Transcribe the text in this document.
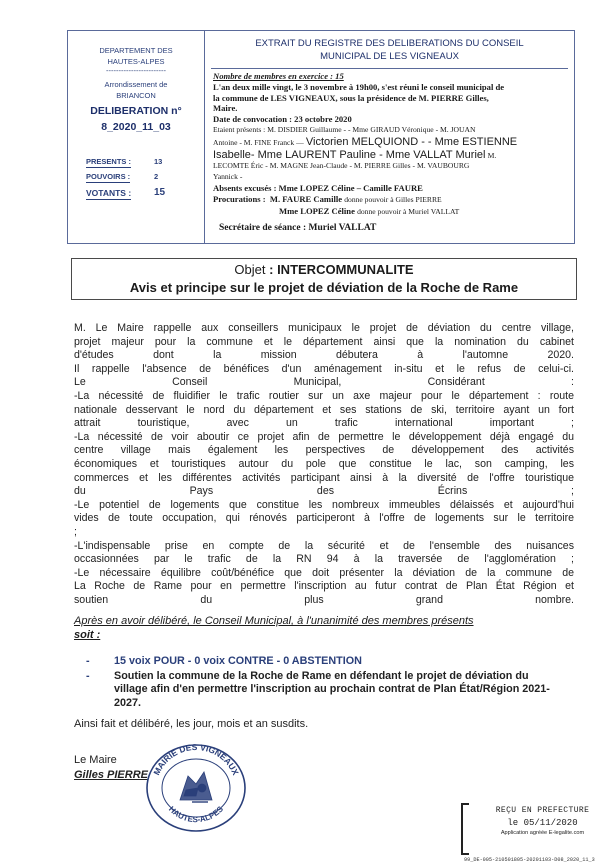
DEPARTEMENT DES
HAUTES-ALPES
------------------------
Arrondissement de
BRIANCON
DELIBERATION n°
8_2020_11_03
PRESENTS :	13
POUVOIRS :	2
VOTANTS : 15
EXTRAIT DU REGISTRE DES DELIBERATIONS DU CONSEIL
MUNICIPAL DE LES VIGNEAUX
Nombre de membres en exercice : 15
L'an deux mille vingt, le 3 novembre à 19h00, s'est réuni le conseil municipal de
la commune de LES VIGNEAUX, sous la présidence de M. PIERRE Gilles,
Maire.
Date de convocation : 23 octobre 2020
Etaient présents : M. DISDIER Guillaume - - Mme GIRAUD Véronique - M. JOUAN
Antoine - M. FINE Franck — Victorien MELQUIOND - - Mme ESTIENNE
Isabelle- Mme LAURENT Pauline - Mme VALLAT Muriel M.
LECOMTE Éric - M. MAGNE Jean-Claude - M. PIERRE Gilles - M. VAUBOURG
Yannick -
Absents excusés : Mme LOPEZ Céline – Camille FAURE
Procurations : M. FAURE Camille donne pouvoir à Gilles PIERRE
Mme LOPEZ Céline donne pouvoir à Muriel VALLAT
Secrétaire de séance : Muriel VALLAT
Objet : INTERCOMMUNALITE
Avis et principe sur le projet de déviation de la Roche de Rame

M. Le Maire rappelle aux conseillers municipaux le projet de déviation du centre village,

projet majeur pour la commune et le département ainsi que la nomination du cabinet

d'études dont la mission débutera à l'automne 2020.

Il rappelle l'absence de bénéfices d'un aménagement in-situ et le refus de celui-ci.

Le Conseil Municipal, Considérant :

-La nécessité de fluidifier le trafic routier sur un axe majeur pour le département : route

nationale desservant le nord du département et ses stations de ski, territoire ayant un fort

attrait touristique, avec un trafic international important ;

-La nécessité de voir aboutir ce projet afin de permettre le développement déjà engagé du

centre village mais également les perspectives de développement des activités

économiques et touristiques autour du pole que constitue le lac, son camping, les

commerces et les différentes activités participant ainsi à la diversité de l'offre touristique

du Pays des Écrins ;

-Le potentiel de logements que constitue les nombreux immeubles délaissés et aujourd'hui

vides de toute occupation, qui rénovés participeront à l'offre de logements sur le territoire

;

-L'indispensable prise en compte de la sécurité et de l'ensemble des nuisances

occasionnées par le trafic de la RN 94 à la traversée de l'agglomération ;

-Le nécessaire équilibre coût/bénéfice que doit présenter la déviation de la commune de

La Roche de Rame pour en permettre l'inscription au futur contrat de Plan État Région et

soutien du plus grand nombre.

Après en avoir délibéré, le Conseil Municipal, à l'unanimité des membres présents
soit :
- 15 voix POUR - 0 voix CONTRE - 0 ABSTENTION
- Soutien la commune de la Roche de Rame en défendant le projet de déviation du village afin d'en permettre l'inscription au prochain contrat de Plan État/Région 2021-2027.
Ainsi fait et délibéré, les jour, mois et an susdits.
Le Maire
Gilles PIERRE MAIRIE DES VIGNEAUX
HAUTES-ALPES	REÇU EN PREFECTURE
le 05/11/2020
Application agréée E-legalite.com
99_DE-005-210501805-20201103-D08_2020_11_3
